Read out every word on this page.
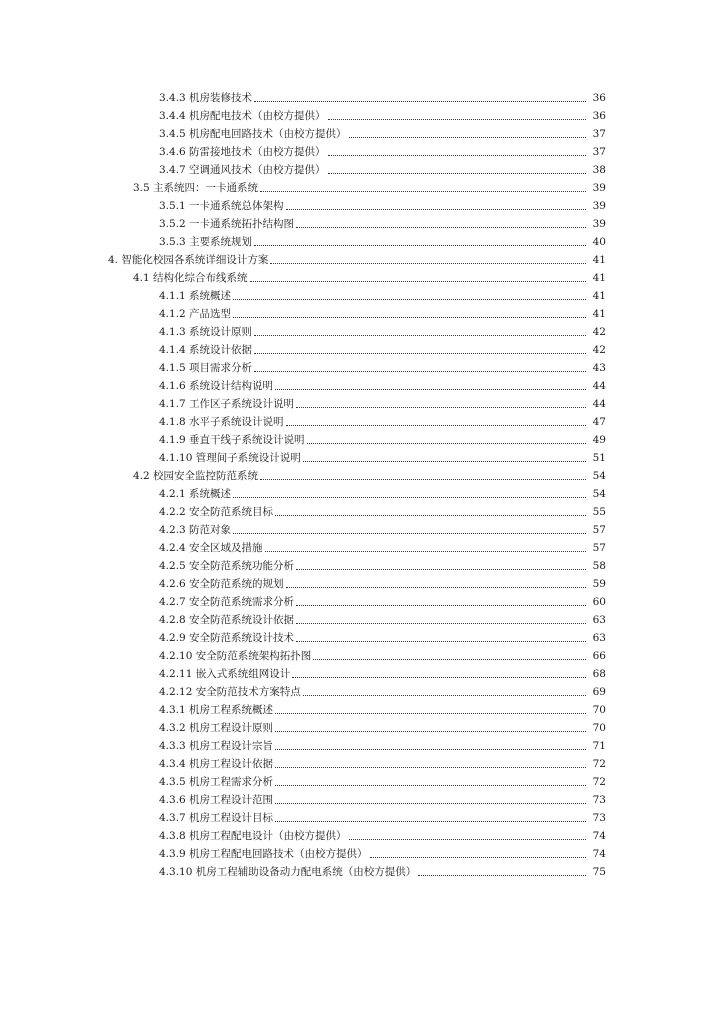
3.4.3 机房装修技术	36
3.4.4 机房配电技术（由校方提供）	36
3.4.5 机房配电回路技术（由校方提供）	37
3.4.6 防雷接地技术（由校方提供）	37
3.4.7 空调通风技术（由校方提供）	38
3.5 主系统四：一卡通系统	39
3.5.1 一卡通系统总体架构	39
3.5.2 一卡通系统拓扑结构图	39
3.5.3 主要系统规划	40
4. 智能化校园各系统详细设计方案	41
4.1 结构化综合布线系统	41
4.1.1 系统概述	41
4.1.2 产品选型	41
4.1.3 系统设计原则	42
4.1.4 系统设计依据	42
4.1.5 项目需求分析	43
4.1.6 系统设计结构说明	44
4.1.7 工作区子系统设计说明	44
4.1.8 水平子系统设计说明	47
4.1.9 垂直干线子系统设计说明	49
4.1.10 管理间子系统设计说明	51
4.2 校园安全监控防范系统	54
4.2.1 系统概述	54
4.2.2 安全防范系统目标	55
4.2.3 防范对象	57
4.2.4 安全区域及措施	57
4.2.5 安全防范系统功能分析	58
4.2.6 安全防范系统的规划	59
4.2.7 安全防范系统需求分析	60
4.2.8 安全防范系统设计依据	63
4.2.9 安全防范系统设计技术	63
4.2.10 安全防范系统架构拓扑图	66
4.2.11 嵌入式系统组网设计	68
4.2.12 安全防范技术方案特点	69
4.3.1 机房工程系统概述	70
4.3.2 机房工程设计原则	70
4.3.3 机房工程设计宗旨	71
4.3.4 机房工程设计依据	72
4.3.5 机房工程需求分析	72
4.3.6 机房工程设计范围	73
4.3.7 机房工程设计目标	73
4.3.8 机房工程配电设计（由校方提供）	74
4.3.9 机房工程配电回路技术（由校方提供）	74
4.3.10 机房工程辅助设备动力配电系统（由校方提供）	75
